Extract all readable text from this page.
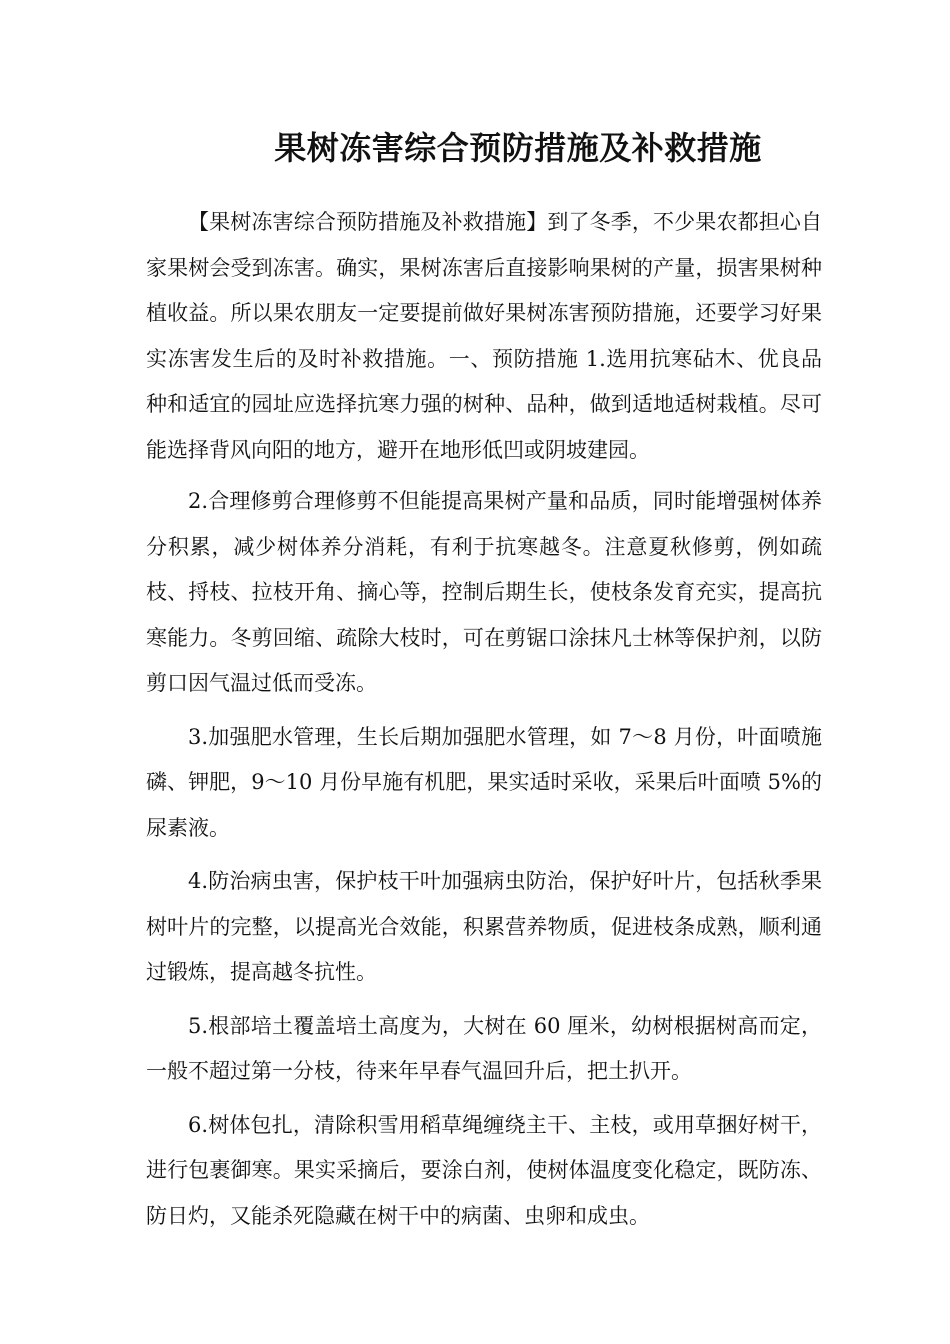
果树冻害综合预防措施及补救措施

【果树冻害综合预防措施及补救措施】到了冬季，不少果农都担心自家果树会受到冻害。确实，果树冻害后直接影响果树的产量，损害果树种植收益。所以果农朋友一定要提前做好果树冻害预防措施，还要学习好果实冻害发生后的及时补救措施。一、预防措施 1.选用抗寒砧木、优良品种和适宜的园址应选择抗寒力强的树种、品种，做到适地适树栽植。尽可能选择背风向阳的地方，避开在地形低凹或阴坡建园。

2.合理修剪合理修剪不但能提高果树产量和品质，同时能增强树体养分积累，减少树体养分消耗，有利于抗寒越冬。注意夏秋修剪，例如疏枝、捋枝、拉枝开角、摘心等，控制后期生长，使枝条发育充实，提高抗寒能力。冬剪回缩、疏除大枝时，可在剪锯口涂抹凡士林等保护剂，以防剪口因气温过低而受冻。

3.加强肥水管理，生长后期加强肥水管理，如 7～8 月份，叶面喷施磷、钾肥，9～10 月份早施有机肥，果实适时采收，采果后叶面喷 5%的尿素液。

4.防治病虫害，保护枝干叶加强病虫防治，保护好叶片，包括秋季果树叶片的完整，以提高光合效能，积累营养物质，促进枝条成熟，顺利通过锻炼，提高越冬抗性。

5.根部培土覆盖培土高度为，大树在 60 厘米，幼树根据树高而定，一般不超过第一分枝，待来年早春气温回升后，把土扒开。

6.树体包扎，清除积雪用稻草绳缠绕主干、主枝，或用草捆好树干，进行包裹御寒。果实采摘后，要涂白剂，使树体温度变化稳定，既防冻、防日灼，又能杀死隐藏在树干中的病菌、虫卵和成虫。
